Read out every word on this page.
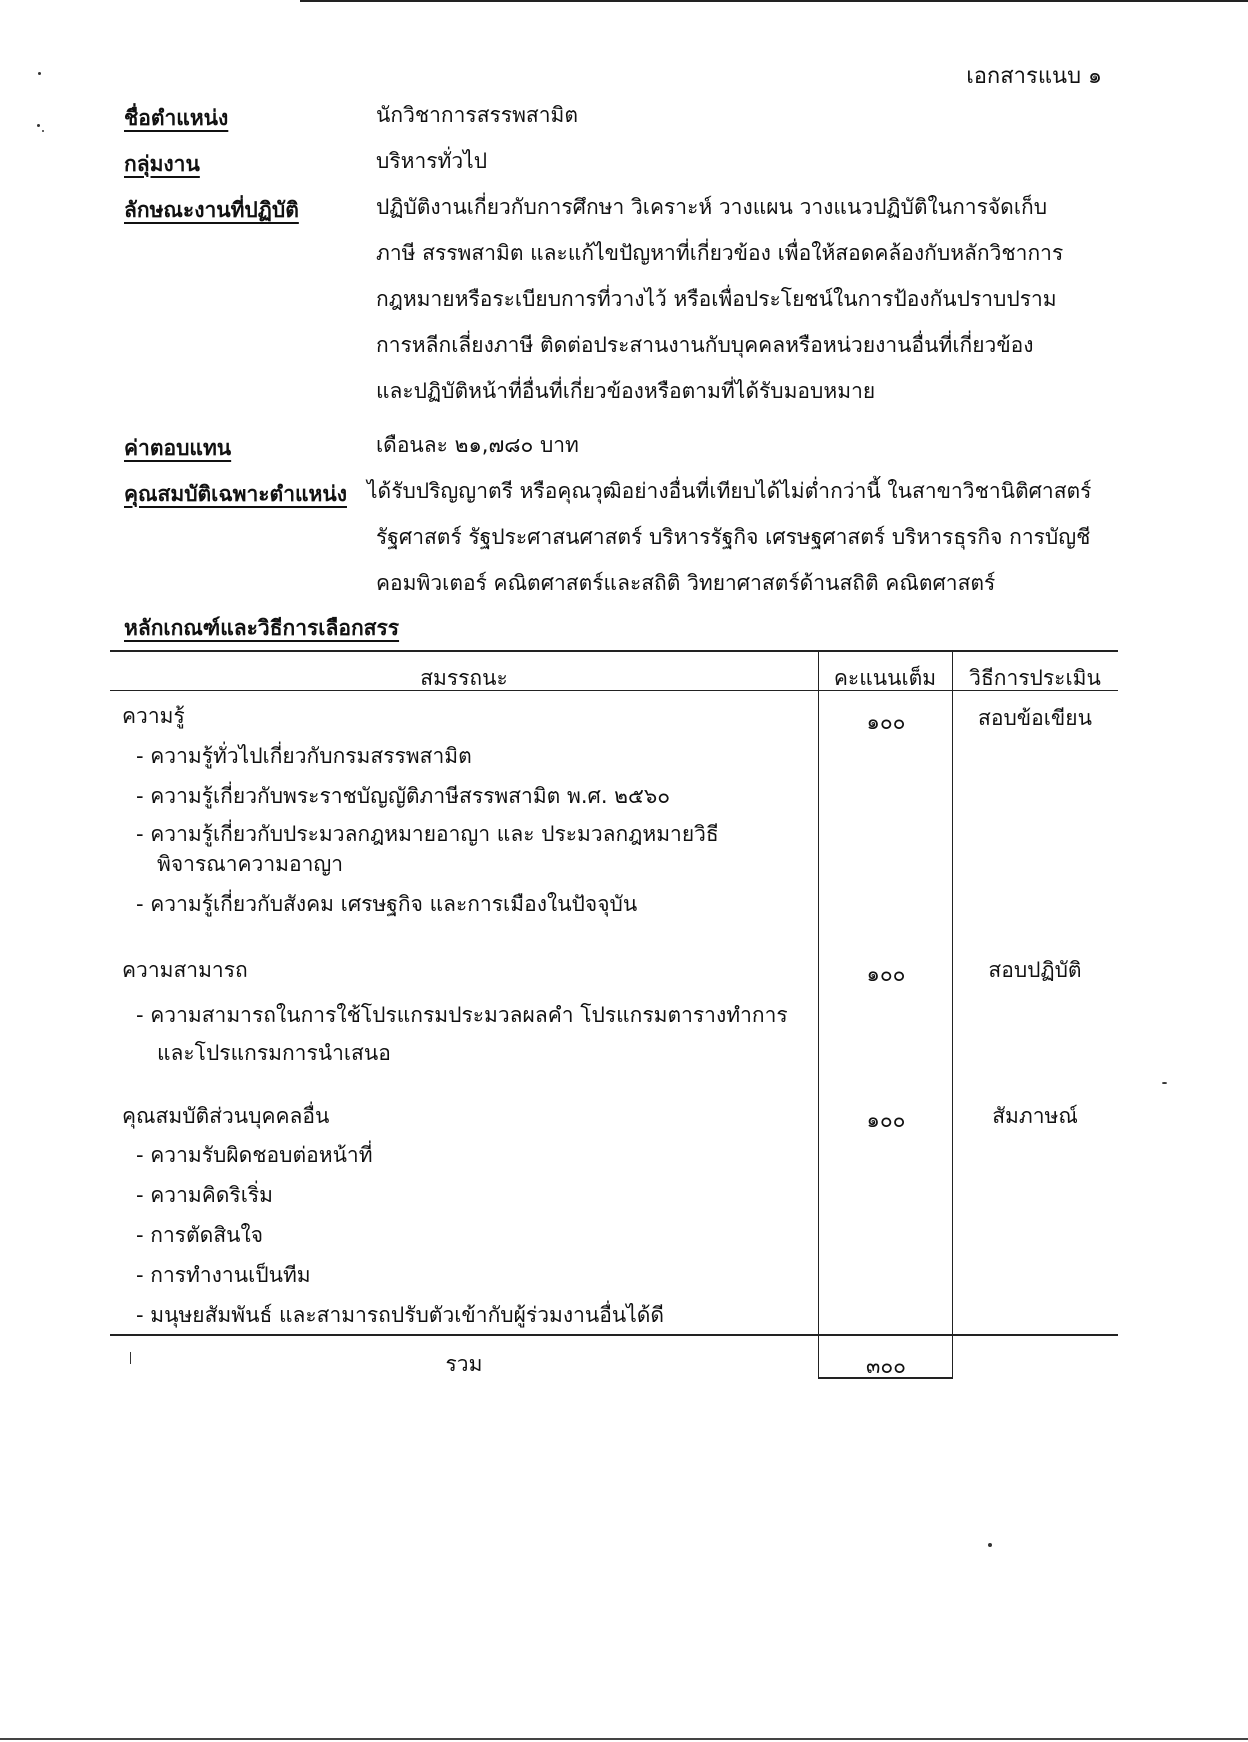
เอกสารแนบ ๑
ชื่อตำแหน่ง	นักวิชาการสรรพสามิต
กลุ่มงาน	บริหารทั่วไป
ลักษณะงานที่ปฏิบัติ	ปฏิบัติงานเกี่ยวกับการศึกษา วิเคราะห์ วางแผน วางแนวปฏิบัติในการจัดเก็บ
ภาษี สรรพสามิต และแก้ไขปัญหาที่เกี่ยวข้อง เพื่อให้สอดคล้องกับหลักวิชาการ
กฎหมายหรือระเบียบการที่วางไว้ หรือเพื่อประโยชน์ในการป้องกันปราบปราม
การหลีกเลี่ยงภาษี ติดต่อประสานงานกับบุคคลหรือหน่วยงานอื่นที่เกี่ยวข้อง
และปฏิบัติหน้าที่อื่นที่เกี่ยวข้องหรือตามที่ได้รับมอบหมาย
ค่าตอบแทน	เดือนละ ๒๑,๗๘๐ บาท
คุณสมบัติเฉพาะตำแหน่ง ได้รับปริญญาตรี หรือคุณวุฒิอย่างอื่นที่เทียบได้ไม่ต่ำกว่านี้ ในสาขาวิชานิติศาสตร์
รัฐศาสตร์ รัฐประศาสนศาสตร์ บริหารรัฐกิจ เศรษฐศาสตร์ บริหารธุรกิจ การบัญชี
คอมพิวเตอร์ คณิตศาสตร์และสถิติ วิทยาศาสตร์ด้านสถิติ คณิตศาสตร์
หลักเกณฑ์และวิธีการเลือกสรร
สมรรถนะ	คะแนนเต็ม	วิธีการประเมิน
ความรู้	๑๐๐	สอบข้อเขียน
- ความรู้ทั่วไปเกี่ยวกับกรมสรรพสามิต
- ความรู้เกี่ยวกับพระราชบัญญัติภาษีสรรพสามิต พ.ศ. ๒๕๖๐
- ความรู้เกี่ยวกับประมวลกฎหมายอาญา และ ประมวลกฎหมายวิธี
พิจารณาความอาญา
- ความรู้เกี่ยวกับสังคม เศรษฐกิจ และการเมืองในปัจจุบัน
ความสามารถ	๑๐๐	สอบปฏิบัติ
- ความสามารถในการใช้โปรแกรมประมวลผลคำ โปรแกรมตารางทำการ
และโปรแกรมการนำเสนอ
คุณสมบัติส่วนบุคคลอื่น	๑๐๐	สัมภาษณ์
- ความรับผิดชอบต่อหน้าที่
- ความคิดริเริ่ม
- การตัดสินใจ
- การทำงานเป็นทีม
- มนุษยสัมพันธ์ และสามารถปรับตัวเข้ากับผู้ร่วมงานอื่นได้ดี
รวม	๓๐๐
